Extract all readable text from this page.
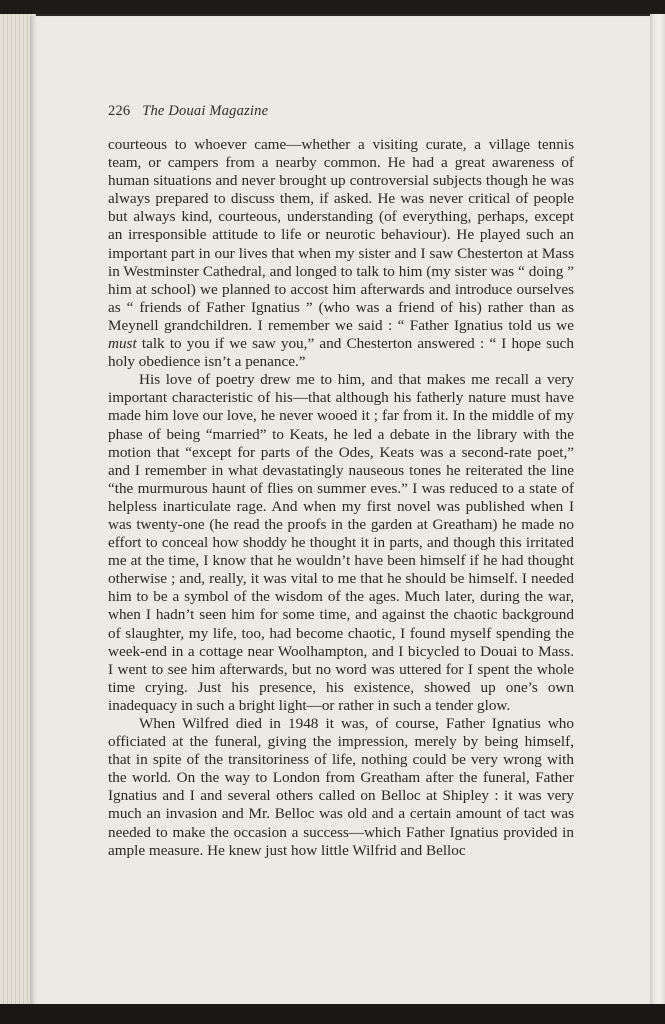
226 The Douai Magazine

courteous to whoever came—whether a visiting curate, a village tennis team, or campers from a nearby common. He had a great awareness of human situations and never brought up controversial subjects though he was always prepared to discuss them, if asked. He was never critical of people but always kind, courteous, understanding (of everything, perhaps, except an irresponsible attitude to life or neurotic behaviour). He played such an important part in our lives that when my sister and I saw Chesterton at Mass in Westminster Cathedral, and longed to talk to him (my sister was “ doing ” him at school) we planned to accost him afterwards and introduce ourselves as “ friends of Father Ignatius ” (who was a friend of his) rather than as Meynell grandchildren. I remember we said : “ Father Ignatius told us we must talk to you if we saw you,” and Chesterton answered : “ I hope such holy obedience isn’t a penance.”

His love of poetry drew me to him, and that makes me recall a very important characteristic of his—that although his fatherly nature must have made him love our love, he never wooed it ; far from it. In the middle of my phase of being “married” to Keats, he led a debate in the library with the motion that “except for parts of the Odes, Keats was a second-rate poet,” and I remember in what devastatingly nauseous tones he reiterated the line “the murmurous haunt of flies on summer eves.” I was reduced to a state of helpless inarticulate rage. And when my first novel was published when I was twenty-one (he read the proofs in the garden at Greatham) he made no effort to conceal how shoddy he thought it in parts, and though this irritated me at the time, I know that he wouldn’t have been himself if he had thought otherwise ; and, really, it was vital to me that he should be himself. I needed him to be a symbol of the wisdom of the ages. Much later, during the war, when I hadn’t seen him for some time, and against the chaotic background of slaughter, my life, too, had become chaotic, I found myself spending the week-end in a cottage near Woolhampton, and I bicycled to Douai to Mass. I went to see him afterwards, but no word was uttered for I spent the whole time crying. Just his presence, his existence, showed up one’s own inadequacy in such a bright light—or rather in such a tender glow.

When Wilfred died in 1948 it was, of course, Father Ignatius who officiated at the funeral, giving the impression, merely by being himself, that in spite of the transitoriness of life, nothing could be very wrong with the world. On the way to London from Greatham after the funeral, Father Ignatius and I and several others called on Belloc at Shipley : it was very much an invasion and Mr. Belloc was old and a certain amount of tact was needed to make the occasion a success—which Father Ignatius provided in ample measure. He knew just how little Wilfrid and Belloc
